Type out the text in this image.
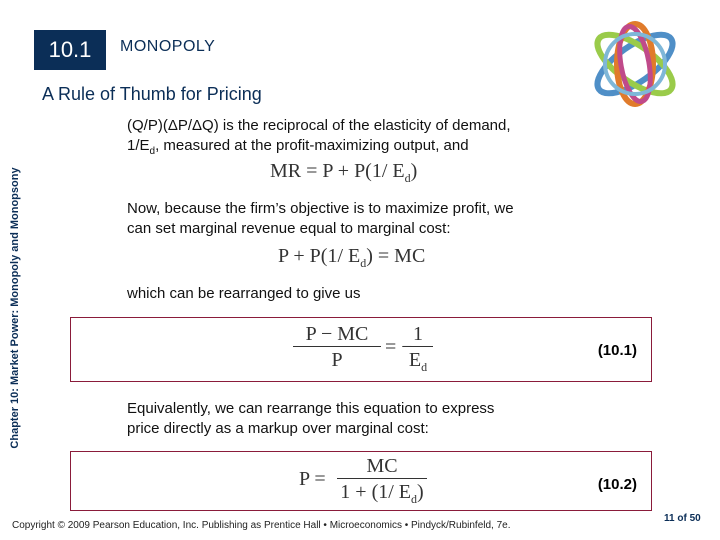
10.1	MONOPOLY
A Rule of Thumb for Pricing
Chapter 10: Market Power: Monopoly and Monopsony
(Q/P)(ΔP/ΔQ) is the reciprocal of the elasticity of demand,
$1/E_d$, measured at the profit-maximizing output, and
MR = P + P(1/ $E_d$)
Now, because the firm’s objective is to maximize profit, we
can set marginal revenue equal to marginal cost:
P + P(1/ $E_d$) = MC
which can be rearranged to give us
P − MC
P
= −
1
$E_d$
(10.1)
Equivalently, we can rearrange this equation to express
price directly as a markup over marginal cost:
P =
MC
1 + (1/ $E_d$)	(10.2)
Copyright © 2009 Pearson Education, Inc. Publishing as Prentice Hall • Microeconomics • Pindyck/Rubinfeld, 7e.
11 of 50
